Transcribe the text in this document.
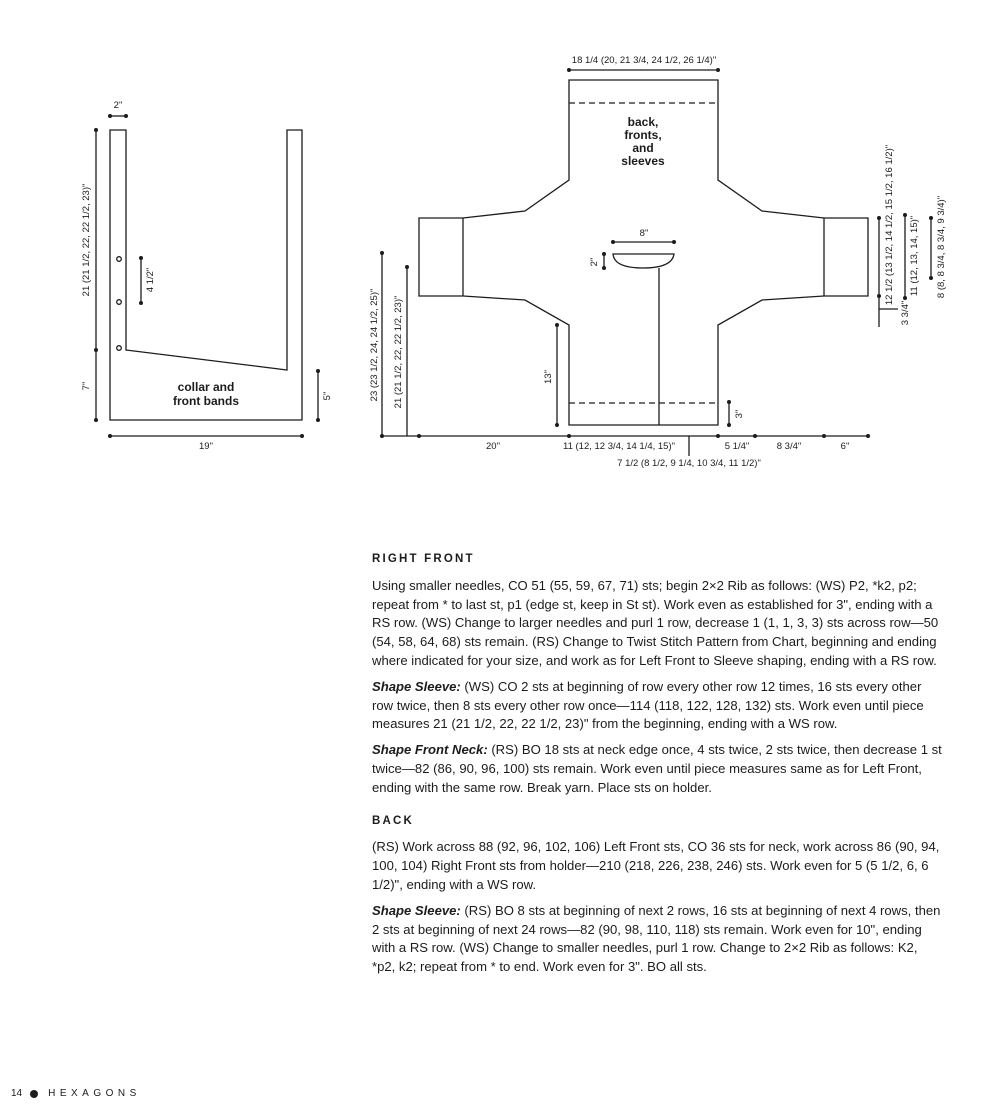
2"
21 (21 1/2, 22, 22 1/2, 23)"
7"
4 1/2"
5"
19"
collar and
front bands
18 1/4 (20, 21 3/4, 24 1/2, 26 1/4)"
8"
2"
23 (23 1/2, 24, 24 1/2, 25)" 21 (21 1/2, 22, 22 1/2, 23)"	13"
3"
20"	11 (12, 12 3/4, 14 1/4, 15)"	5 1/4"	8 3/4"	6"
7 1/2 (8 1/2, 9 1/4, 10 3/4, 11 1/2)"
12 1/2 (13 1/2, 14 1/2, 15 1/2, 16 1/2)"
3 3/4"
11 (12, 13, 14, 15)" 8 (8, 8 3/4, 8 3/4, 9 3/4)"
back,
fronts,
and
sleeves
RIGHT FRONT

Using smaller needles, CO 51 (55, 59, 67, 71) sts; begin 2×2 Rib as follows: (WS) P2, *k2, p2; repeat from * to last st, p1 (edge st, keep in St st). Work even as established for 3", ending with a RS row. (WS) Change to larger needles and purl 1 row, decrease 1 (1, 1, 3, 3) sts across row—50 (54, 58, 64, 68) sts remain. (RS) Change to Twist Stitch Pattern from Chart, beginning and ending where indicated for your size, and work as for Left Front to Sleeve shaping, ending with a RS row.

Shape Sleeve: (WS) CO 2 sts at beginning of row every other row 12 times, 16 sts every other row twice, then 8 sts every other row once—114 (118, 122, 128, 132) sts. Work even until piece measures 21 (21 1/2, 22, 22 1/2, 23)" from the beginning, ending with a WS row.

Shape Front Neck: (RS) BO 18 sts at neck edge once, 4 sts twice, 2 sts twice, then decrease 1 st twice—82 (86, 90, 96, 100) sts remain. Work even until piece measures same as for Left Front, ending with the same row. Break yarn. Place sts on holder.

BACK

(RS) Work across 88 (92, 96, 102, 106) Left Front sts, CO 36 sts for neck, work across 86 (90, 94, 100, 104) Right Front sts from holder—210 (218, 226, 238, 246) sts. Work even for 5 (5 1/2, 6, 6 1/2)", ending with a WS row.

Shape Sleeve: (RS) BO 8 sts at beginning of next 2 rows, 16 sts at beginning of next 4 rows, then 2 sts at beginning of next 24 rows—82 (90, 98, 110, 118) sts remain. Work even for 10", ending with a RS row. (WS) Change to smaller needles, purl 1 row. Change to 2×2 Rib as follows: K2, *p2, k2; repeat from * to end. Work even for 3". BO all sts.

14	HEXAGONS
